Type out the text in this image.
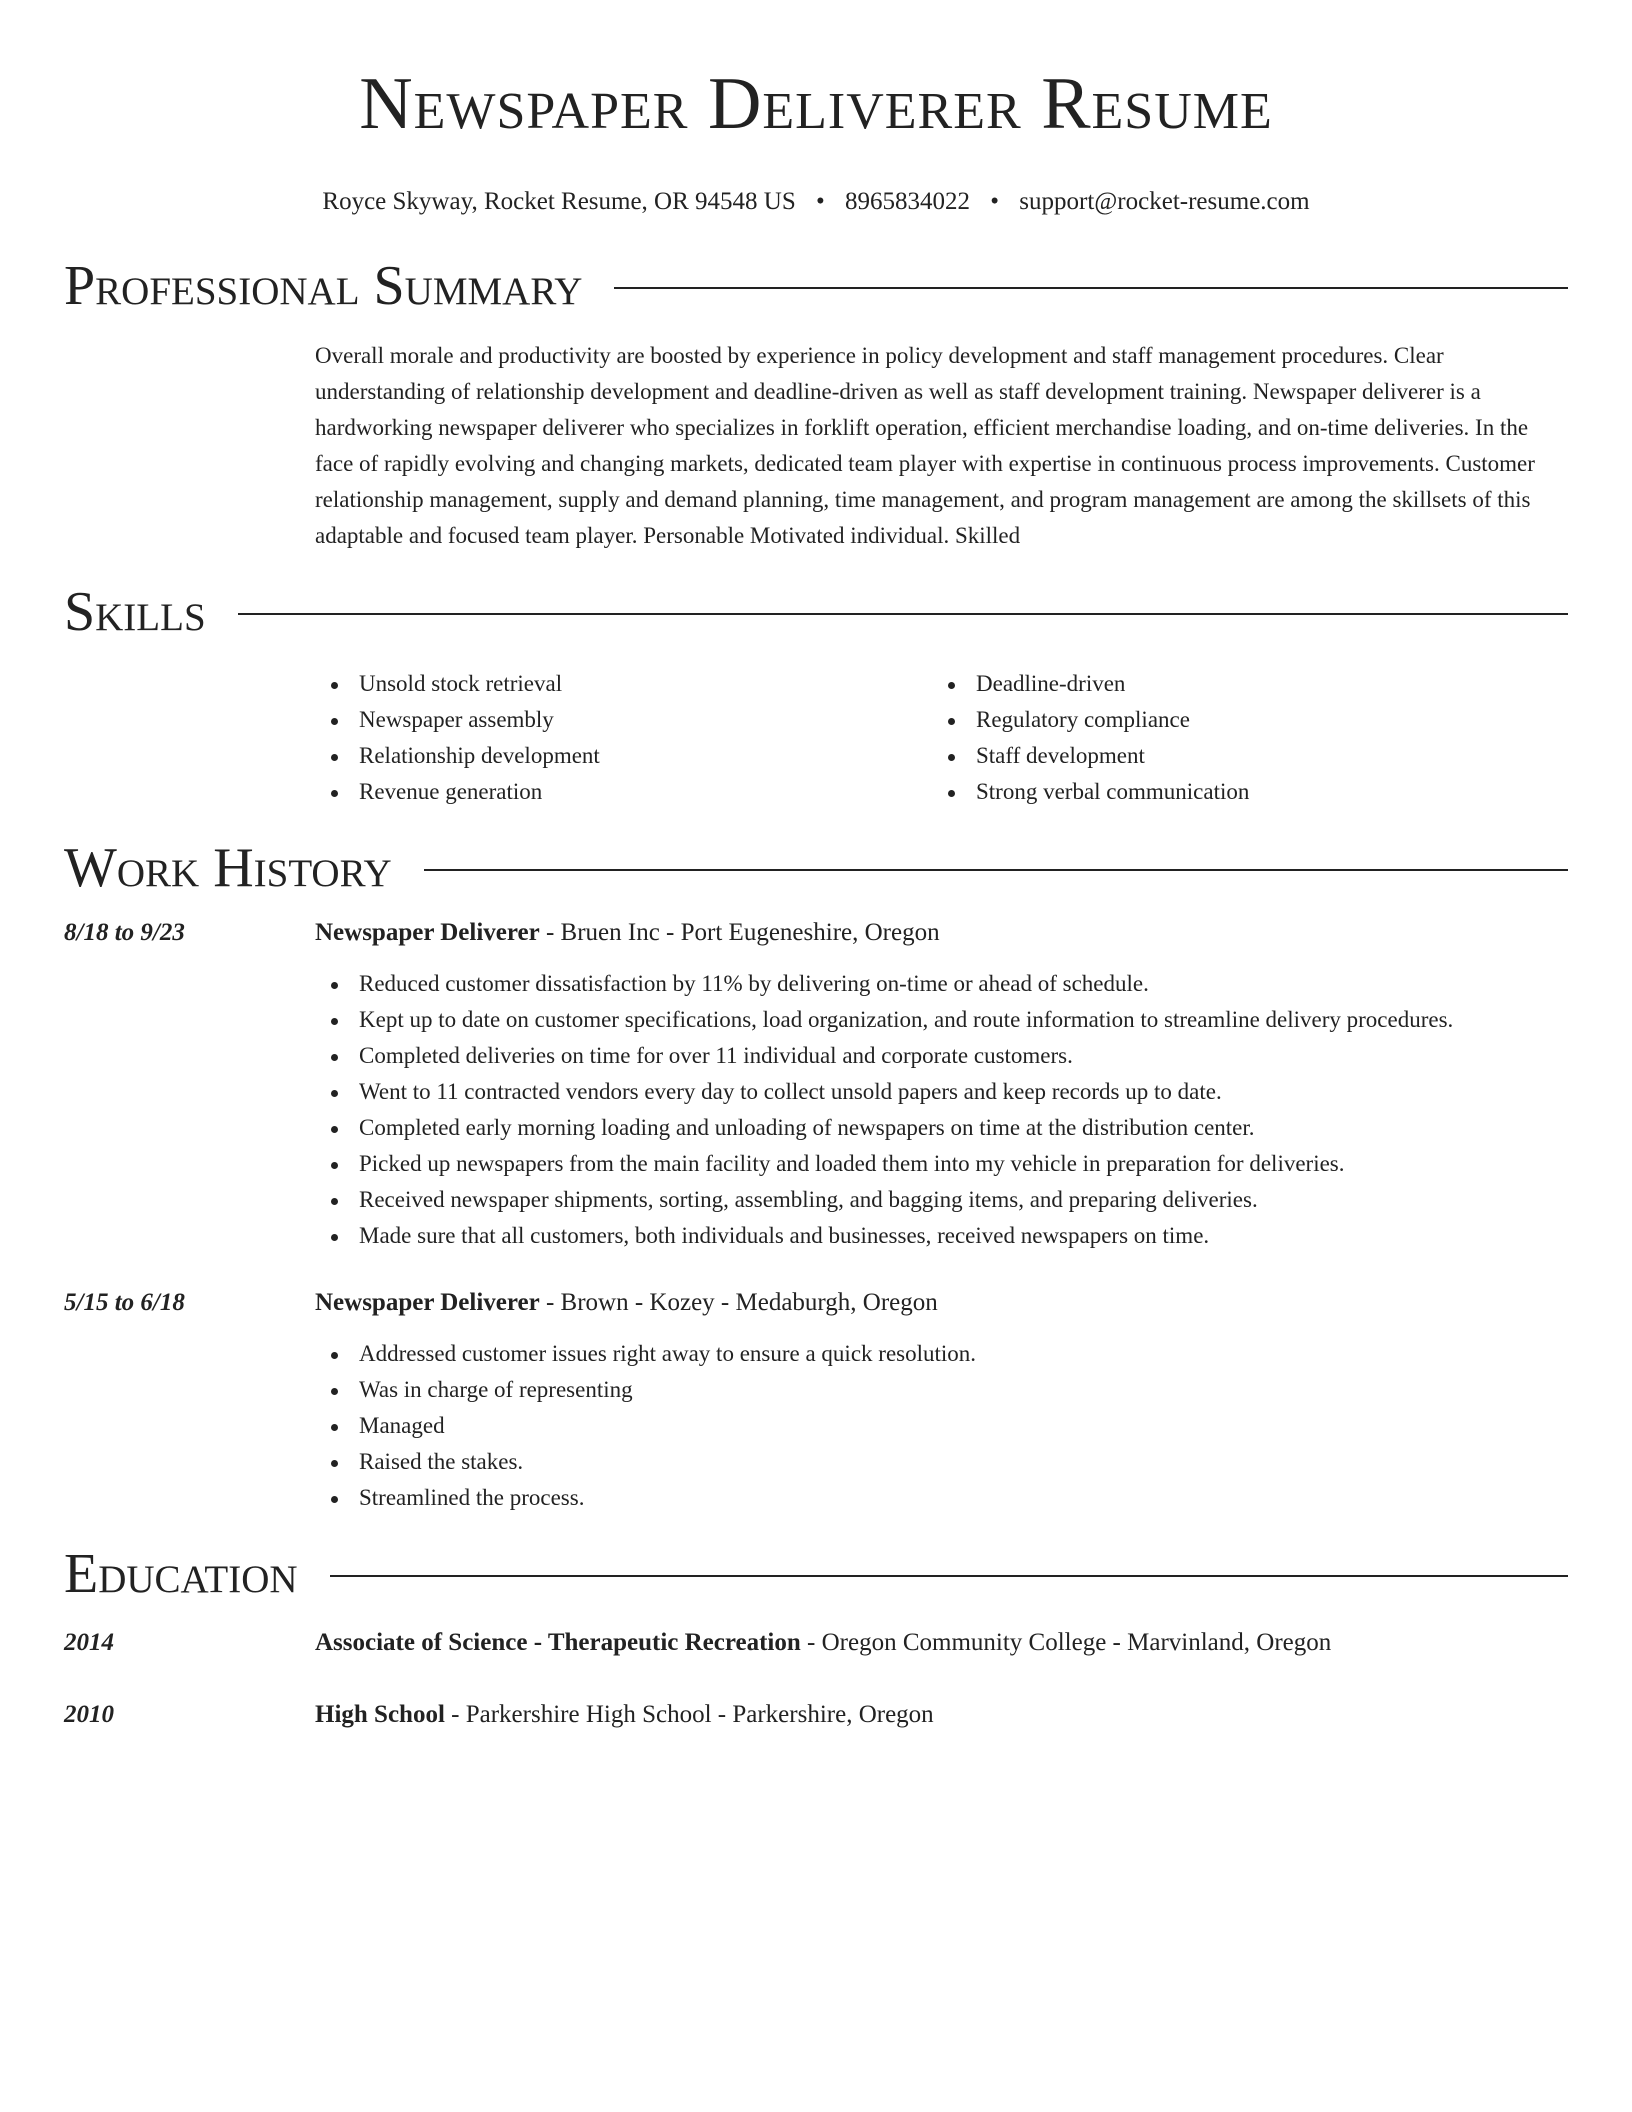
Newspaper Deliverer Resume
Royce Skyway, Rocket Resume, OR 94548 US • 8965834022 • support@rocket-resume.com
Professional Summary

Overall morale and productivity are boosted by experience in policy development and staff management procedures. Clear understanding of relationship development and deadline-driven as well as staff development training. Newspaper deliverer is a hardworking newspaper deliverer who specializes in forklift operation, efficient merchandise loading, and on-time deliveries. In the face of rapidly evolving and changing markets, dedicated team player with expertise in continuous process improvements. Customer relationship management, supply and demand planning, time management, and program management are among the skillsets of this adaptable and focused team player. Personable Motivated individual. Skilled

Skills
Unsold stock retrieval
Newspaper assembly
Relationship development
Revenue generation
Deadline-driven
Regulatory compliance
Staff development
Strong verbal communication
Work History
8/18 to 9/23	Newspaper Deliverer - Bruen Inc - Port Eugeneshire, Oregon
Reduced customer dissatisfaction by 11% by delivering on-time or ahead of schedule.
Kept up to date on customer specifications, load organization, and route information to streamline delivery procedures.
Completed deliveries on time for over 11 individual and corporate customers.
Went to 11 contracted vendors every day to collect unsold papers and keep records up to date.
Completed early morning loading and unloading of newspapers on time at the distribution center.
Picked up newspapers from the main facility and loaded them into my vehicle in preparation for deliveries.
Received newspaper shipments, sorting, assembling, and bagging items, and preparing deliveries.
Made sure that all customers, both individuals and businesses, received newspapers on time.
5/15 to 6/18	Newspaper Deliverer - Brown - Kozey - Medaburgh, Oregon
Addressed customer issues right away to ensure a quick resolution.
Was in charge of representing
Managed
Raised the stakes.
Streamlined the process.
Education
2014	Associate of Science - Therapeutic Recreation - Oregon Community College - Marvinland, Oregon
2010	High School - Parkershire High School - Parkershire, Oregon
